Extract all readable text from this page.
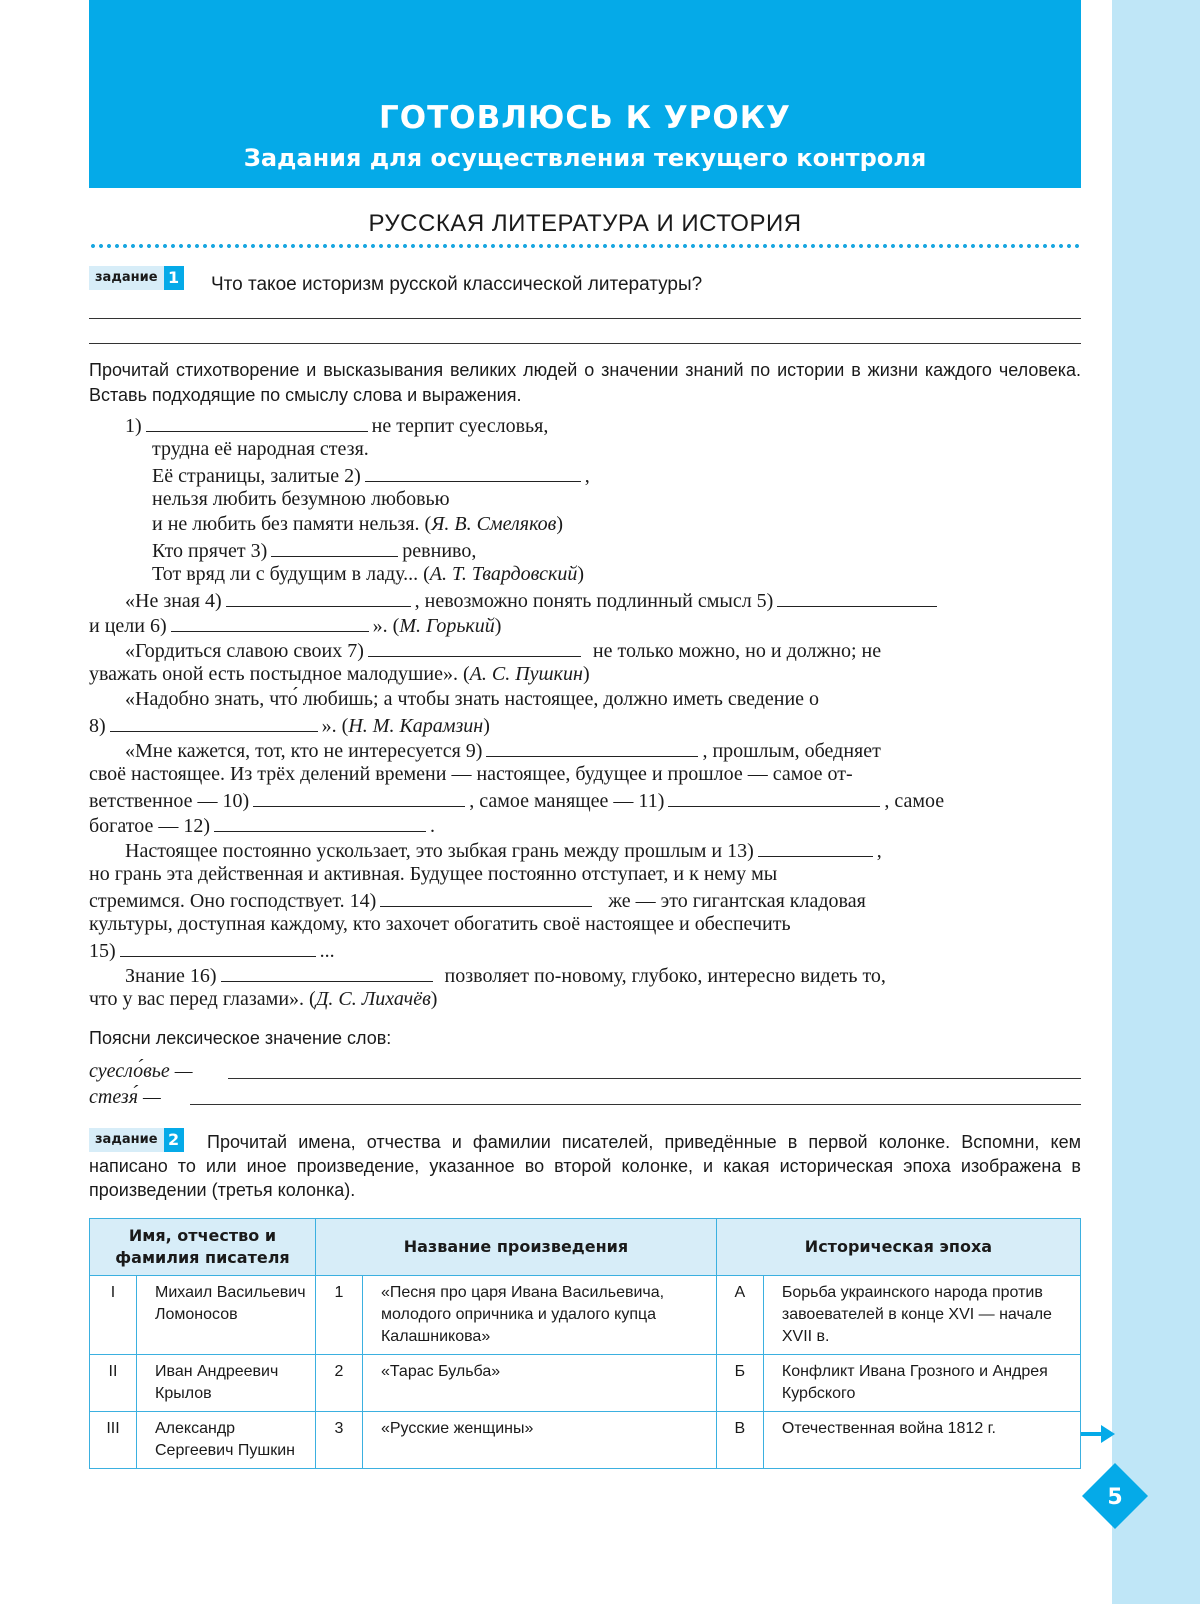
ГОТОВЛЮСЬ К УРОКУ
Задания для осуществления текущего контроля
РУССКАЯ ЛИТЕРАТУРА И ИСТОРИЯ
задание 1 Что такое историзм русской классической литературы?
Прочитай стихотворение и высказывания великих людей о значении знаний по истории в жизни каждого человека. Вставь подходящие по смыслу слова и выражения.
1)	не терпит суесловья,
трудна её народная стезя.
Её страницы, залитые 2)	,
нельзя любить безумною любовью
и не любить без памяти нельзя. (Я. В. Смеляков)
Кто прячет 3)	ревниво,
Тот вряд ли с будущим в ладу... (А. Т. Твардовский)
«Не зная 4)	, невозможно понять подлинный смысл 5)
и цели 6)	». (М. Горький)
«Гордиться славою своих 7)	не только можно, но и должно; не
уважать оной есть постыдное малодушие». (А. С. Пушкин)
«Надобно знать, что́ любишь; а чтобы знать настоящее, должно иметь сведение о
8)	». (Н. М. Карамзин)
«Мне кажется, тот, кто не интересуется 9)	, прошлым, обедняет
своё настоящее. Из трёх делений времени — настоящее, будущее и прошлое — самое от-
ветственное — 10)	, самое манящее — 11)	, самое
богатое — 12)	.
Настоящее постоянно ускользает, это зыбкая грань между прошлым и 13)	,
но грань эта действенная и активная. Будущее постоянно отступает, и к нему мы
стремимся. Оно господствует. 14)	же — это гигантская кладовая
культуры, доступная каждому, кто захочет обогатить своё настоящее и обеспечить
15)	...
Знание 16)	позволяет по-новому, глубоко, интересно видеть то,
что у вас перед глазами». (Д. С. Лихачёв)
Поясни лексическое значение слов:
суесло́вье —
стезя́ —
задание 2	Прочитай имена, отчества и фамилии писателей, приведённые в первой колонке. Вспомни, кем написано то или иное произведение, указанное во второй колонке, и какая историческая эпоха изображена в произведении (третья колонка).
Имя, отчество и фамилия писателя		Название произведения		Историческая эпоха	
I	Михаил Васильевич Ломоносов	1	«Песня про царя Ивана Васильевича, молодого опричника и удалого купца Калашникова»	А	Борьба украинского народа против завоевателей в конце XVI — начале XVII в.
II	Иван Андреевич Крылов	2	«Тарас Бульба»	Б	Конфликт Ивана Грозного и Андрея Курбского
III	Александр Сергеевич Пушкин	3	«Русские женщины»	В	Отечественная война 1812 г.
5
